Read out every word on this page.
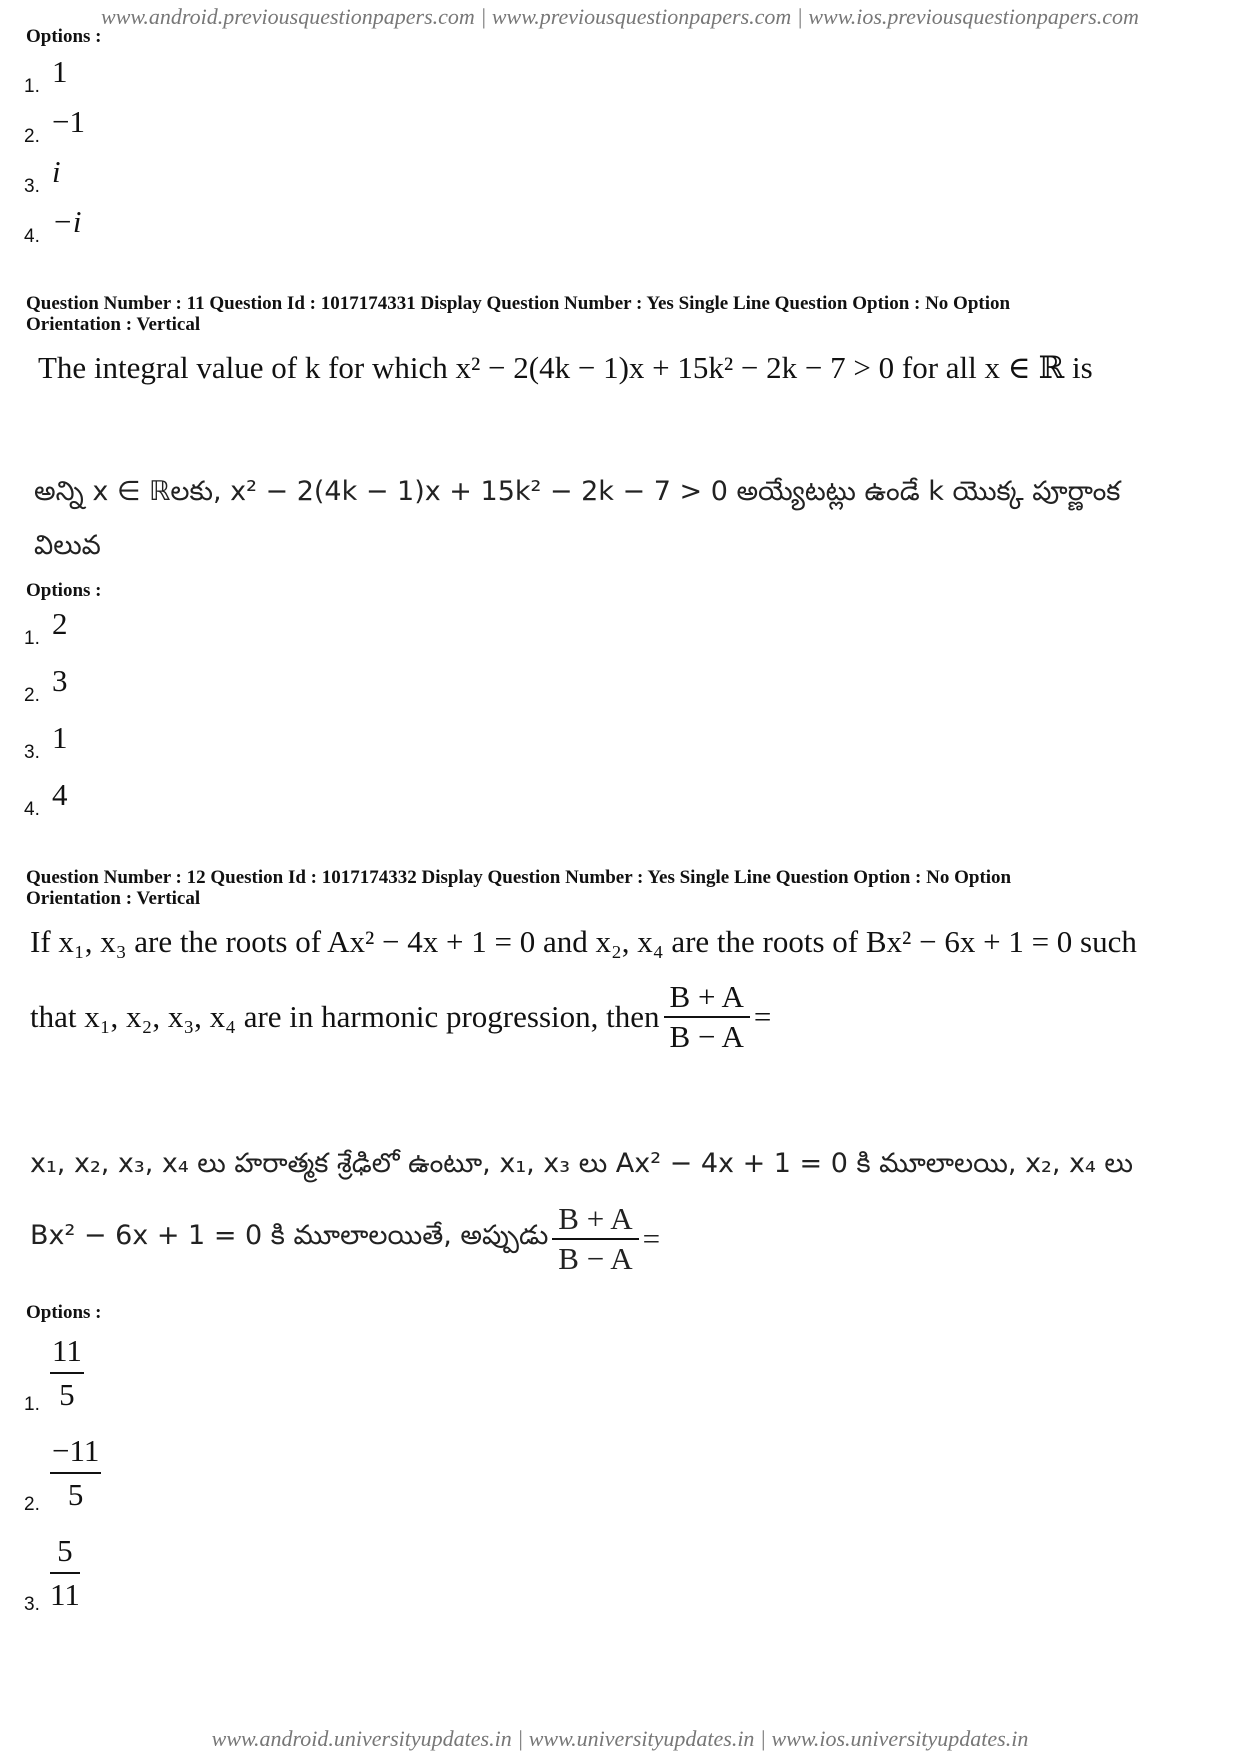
www.android.previousquestionpapers.com | www.previousquestionpapers.com | www.ios.previousquestionpapers.com
Options :
1. 1
2. −1
3. i
4. −i
Question Number : 11 Question Id : 1017174331 Display Question Number : Yes Single Line Question Option : No Option
Orientation : Vertical
The integral value of k for which x² − 2(4k − 1)x + 15k² − 2k − 7 > 0 for all x ∈ ℝ is
అన్ని x ∈ ℝలకు, x² − 2(4k − 1)x + 15k² − 2k − 7 > 0 అయ్యేటట్లు ఉండే k యొక్క పూర్ణాంక
విలువ
Options :
1. 2
2. 3
3. 1
4. 4
Question Number : 12 Question Id : 1017174332 Display Question Number : Yes Single Line Question Option : No Option
Orientation : Vertical
If x₁, x₃ are the roots of Ax² − 4x + 1 = 0 and x₂, x₄ are the roots of Bx² − 6x + 1 = 0 such
that x₁, x₂, x₃, x₄ are in harmonic progression, then $\frac{B + A}{B - A}$ =
x₁, x₂, x₃, x₄ లు హరాత్మక శ్రేఢిలో ఉంటూ, x₁, x₃ లు Ax² − 4x + 1 = 0 కి మూలాలయి, x₂, x₄ లు
Bx² − 6x + 1 = 0 కి మూలాలయితే, అప్పుడు $\frac{B + A}{B - A}$ =
Options :
1. $\frac{11}{5}$
2. $\frac{-11}{5}$
3. $\frac{5}{11}$
www.android.universityupdates.in | www.universityupdates.in | www.ios.universityupdates.in
